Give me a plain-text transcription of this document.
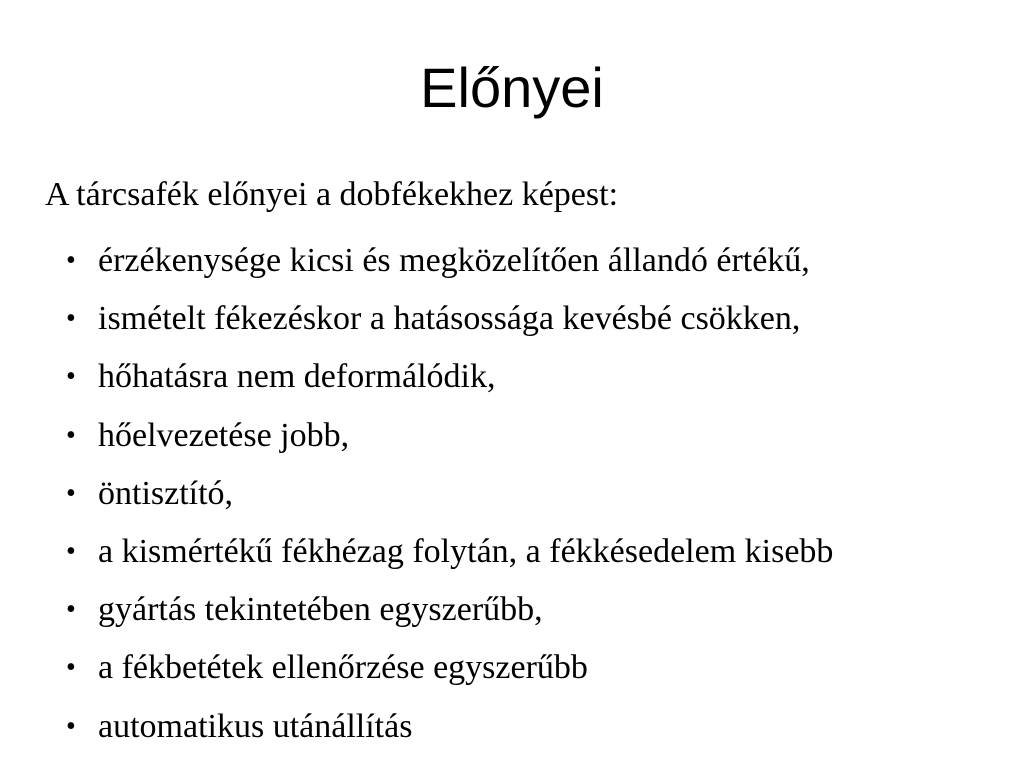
Előnyei

A tárcsafék előnyei a dobfékekhez képest:

• érzékenysége kicsi és megközelítően állandó értékű,
• ismételt fékezéskor a hatásossága kevésbé csökken,
• hőhatásra nem deformálódik,
• hőelvezetése jobb,
• öntisztító,
• a kismértékű fékhézag folytán, a fékkésedelem kisebb
• gyártás tekintetében egyszerűbb,
• a fékbetétek ellenőrzése egyszerűbb
• automatikus utánállítás
